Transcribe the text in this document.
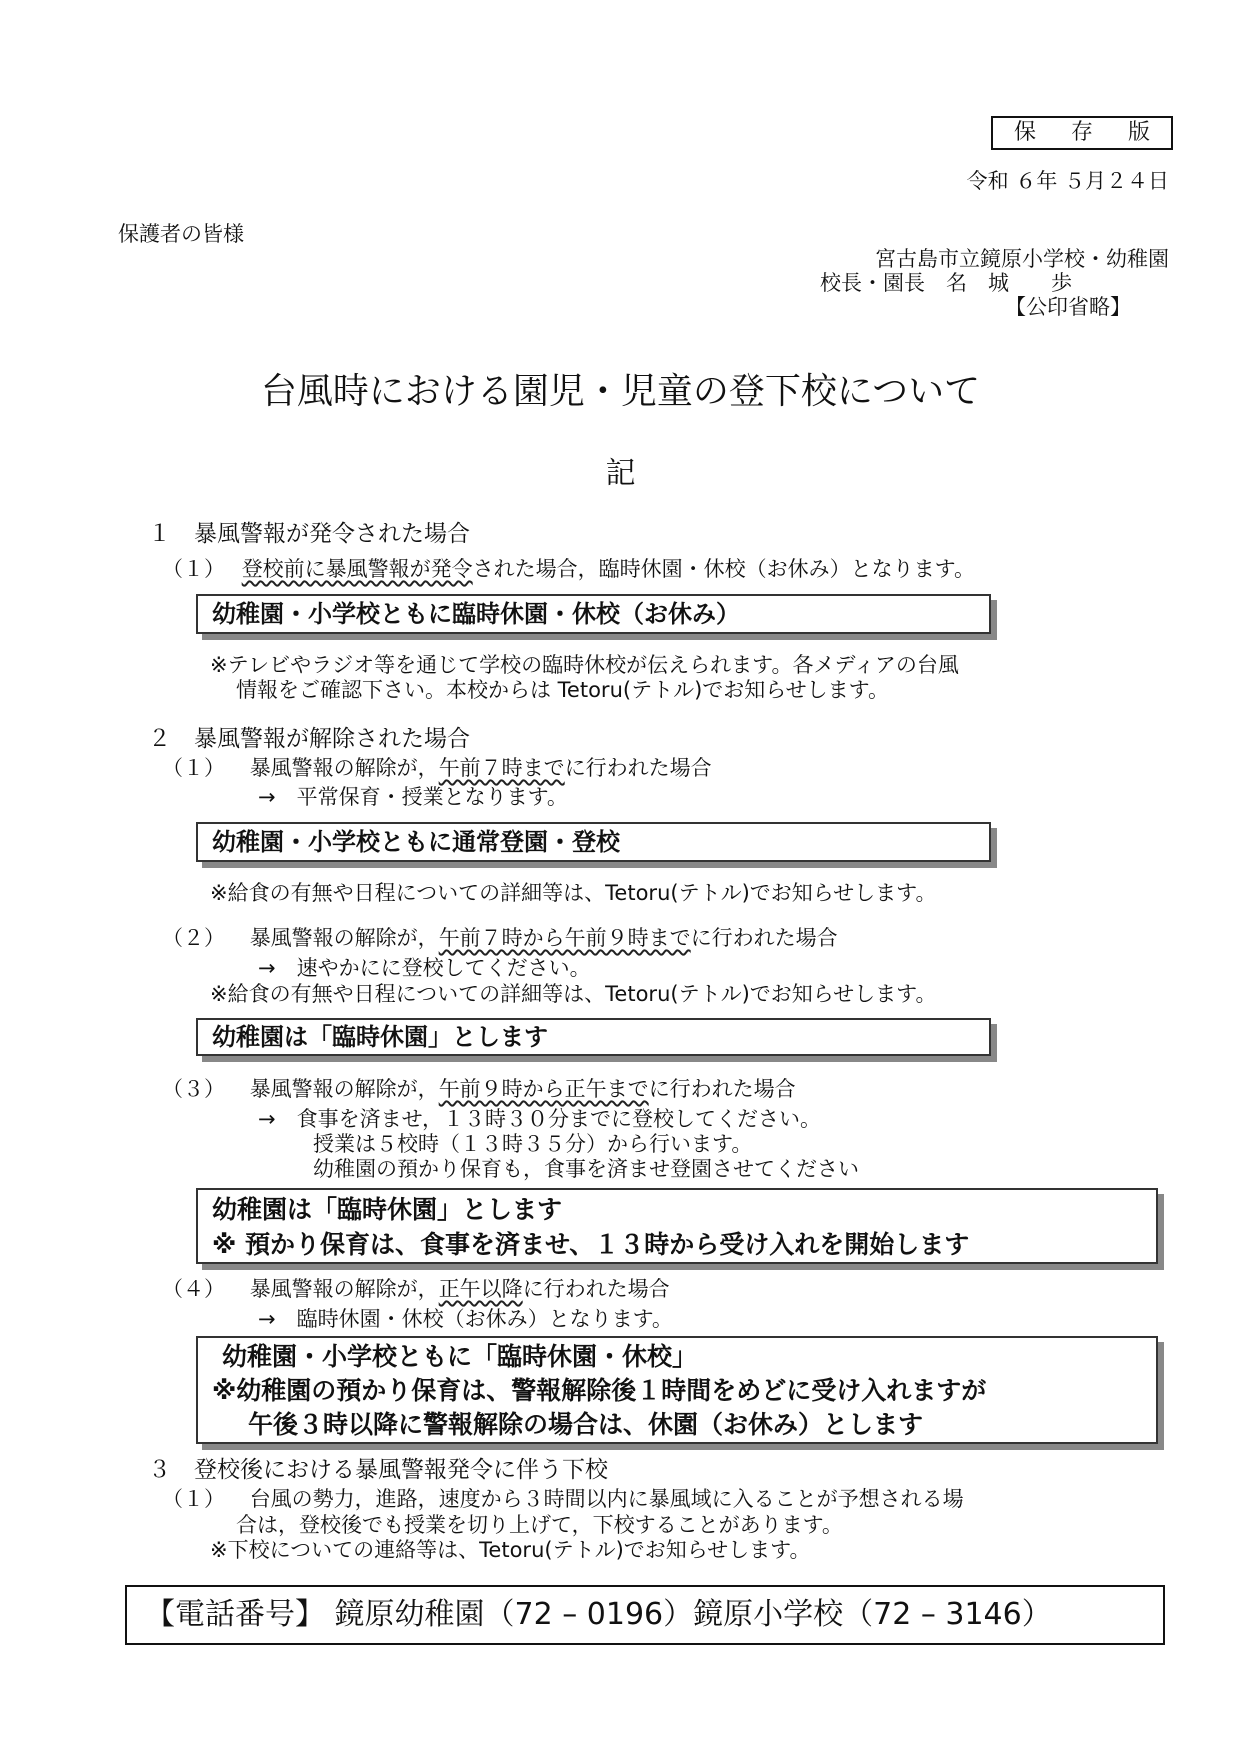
保 存 版
令和 ６年 ５月２４日
保護者の皆様
宮古島市立鏡原小学校・幼稚園
校長・園長　名　城　　歩
【公印省略】
台風時における園児・児童の登下校について
記
１　暴風警報が発令された場合
（１） 登校前に暴風警報が発令された場合，臨時休園・休校（お休み）となります。
幼稚園・小学校ともに臨時休園・休校（お休み）
※テレビやラジオ等を通じて学校の臨時休校が伝えられます。各メディアの台風
情報をご確認下さい。本校からは Tetoru(テトル)でお知らせします。
２　暴風警報が解除された場合
（１） 暴風警報の解除が，午前７時までに行われた場合
→　平常保育・授業となります。
幼稚園・小学校ともに通常登園・登校
※給食の有無や日程についての詳細等は、Tetoru(テトル)でお知らせします。
（２） 暴風警報の解除が，午前７時から午前９時までに行われた場合
→　速やかにに登校してください。
※給食の有無や日程についての詳細等は、Tetoru(テトル)でお知らせします。
幼稚園は「臨時休園」とします
（３） 暴風警報の解除が，午前９時から正午までに行われた場合
→　食事を済ませ，１３時３０分までに登校してください。
授業は５校時（１３時３５分）から行います。
幼稚園の預かり保育も，食事を済ませ登園させてください
幼稚園は「臨時休園」とします
※ 預かり保育は、食事を済ませ、１３時から受け入れを開始します
（４） 暴風警報の解除が，正午以降に行われた場合
→　臨時休園・休校（お休み）となります。
幼稚園・小学校ともに「臨時休園・休校」
※幼稚園の預かり保育は、警報解除後１時間をめどに受け入れますが
午後３時以降に警報解除の場合は、休園（お休み）とします
３　登校後における暴風警報発令に伴う下校
（１） 台風の勢力，進路，速度から３時間以内に暴風域に入ることが予想される場
合は，登校後でも授業を切り上げて，下校することがあります。
※下校についての連絡等は、Tetoru(テトル)でお知らせします。
【電話番号】 鏡原幼稚園（72 – 0196）鏡原小学校（72 – 3146）
